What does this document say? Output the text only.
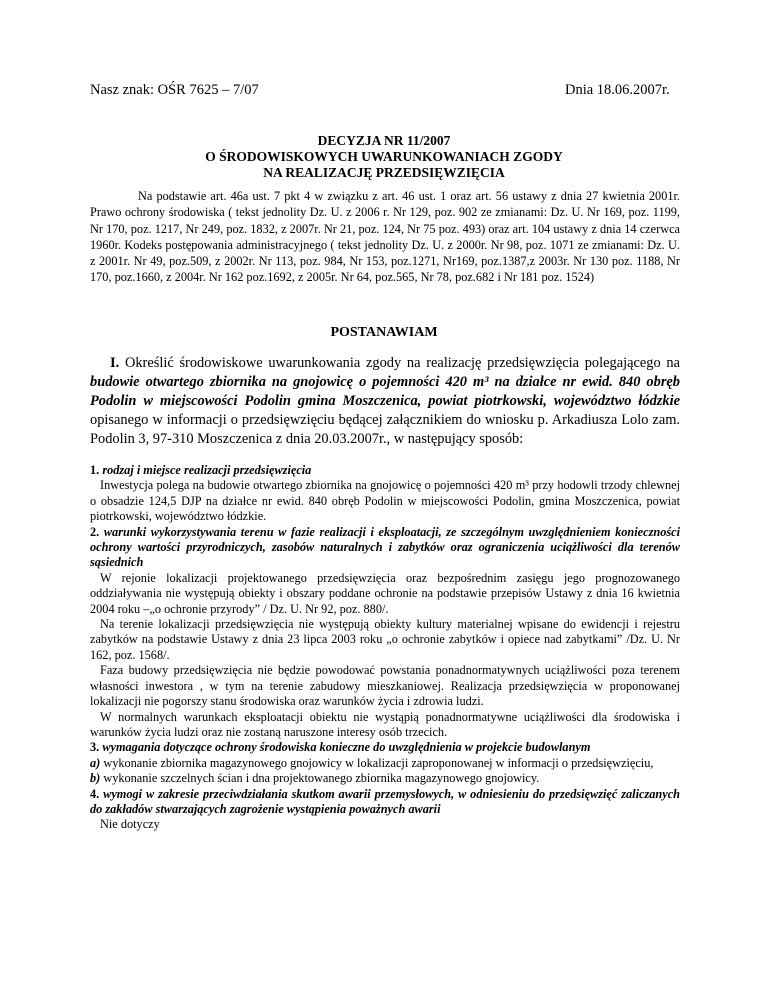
Nasz znak: OŚR 7625 – 7/07	Dnia 18.06.2007r.
DECYZJA NR 11/2007
O ŚRODOWISKOWYCH UWARUNKOWANIACH ZGODY
NA REALIZACJĘ PRZEDSIĘWZIĘCIA

Na podstawie art. 46a ust. 7 pkt 4 w związku z art. 46 ust. 1 oraz art. 56 ustawy z dnia 27 kwietnia 2001r. Prawo ochrony środowiska ( tekst jednolity Dz. U. z 2006 r. Nr 129, poz. 902 ze zmianami: Dz. U. Nr 169, poz. 1199, Nr 170, poz. 1217, Nr 249, poz. 1832, z 2007r. Nr 21, poz. 124, Nr 75 poz. 493) oraz art. 104 ustawy z dnia 14 czerwca 1960r. Kodeks postępowania administracyjnego ( tekst jednolity Dz. U. z 2000r. Nr 98, poz. 1071 ze zmianami: Dz. U. z 2001r. Nr 49, poz.509, z 2002r. Nr 113, poz. 984, Nr 153, poz.1271, Nr169, poz.1387,z 2003r. Nr 130 poz. 1188, Nr 170, poz.1660, z 2004r. Nr 162 poz.1692, z 2005r. Nr 64, poz.565, Nr 78, poz.682 i Nr 181 poz. 1524)

POSTANAWIAM

I. Określić środowiskowe uwarunkowania zgody na realizację przedsięwzięcia polegającego na budowie otwartego zbiornika na gnojowicę o pojemności 420 m³ na działce nr ewid. 840 obręb Podolin w miejscowości Podolin gmina Moszczenica, powiat piotrkowski, województwo łódzkie opisanego w informacji o przedsięwzięciu będącej załącznikiem do wniosku p. Arkadiusza Lolo zam. Podolin 3, 97-310 Moszczenica z dnia 20.03.2007r., w następujący sposób:

1. rodzaj i miejsce realizacji przedsięwzięcia

Inwestycja polega na budowie otwartego zbiornika na gnojowicę o pojemności 420 m³ przy hodowli trzody chlewnej o obsadzie 124,5 DJP na działce nr ewid. 840 obręb Podolin w miejscowości Podolin, gmina Moszczenica, powiat piotrkowski, województwo łódzkie.

2. warunki wykorzystywania terenu w fazie realizacji i eksploatacji, ze szczególnym uwzględnieniem konieczności ochrony wartości przyrodniczych, zasobów naturalnych i zabytków oraz ograniczenia uciążliwości dla terenów sąsiednich

W rejonie lokalizacji projektowanego przedsięwzięcia oraz bezpośrednim zasięgu jego prognozowanego oddziaływania nie występują obiekty i obszary poddane ochronie na podstawie przepisów Ustawy z dnia 16 kwietnia 2004 roku –„o ochronie przyrody” / Dz. U. Nr 92, poz. 880/.

Na terenie lokalizacji przedsięwzięcia nie występują obiekty kultury materialnej wpisane do ewidencji i rejestru zabytków na podstawie Ustawy z dnia 23 lipca 2003 roku „o ochronie zabytków i opiece nad zabytkami” /Dz. U. Nr 162, poz. 1568/.

Faza budowy przedsięwzięcia nie będzie powodować powstania ponadnormatywnych uciążliwości poza terenem własności inwestora , w tym na terenie zabudowy mieszkaniowej. Realizacja przedsięwzięcia w proponowanej lokalizacji nie pogorszy stanu środowiska oraz warunków życia i zdrowia ludzi.

W normalnych warunkach eksploatacji obiektu nie wystąpią ponadnormatywne uciążliwości dla środowiska i warunków życia ludzi oraz nie zostaną naruszone interesy osób trzecich.

3. wymagania dotyczące ochrony środowiska konieczne do uwzględnienia w projekcie budowlanym

a) wykonanie zbiornika magazynowego gnojowicy w lokalizacji zaproponowanej w informacji o przedsięwzięciu,

b) wykonanie szczelnych ścian i dna projektowanego zbiornika magazynowego gnojowicy.

4. wymogi w zakresie przeciwdziałania skutkom awarii przemysłowych, w odniesieniu do przedsięwzięć zaliczanych do zakładów stwarzających zagrożenie wystąpienia poważnych awarii

Nie dotyczy
